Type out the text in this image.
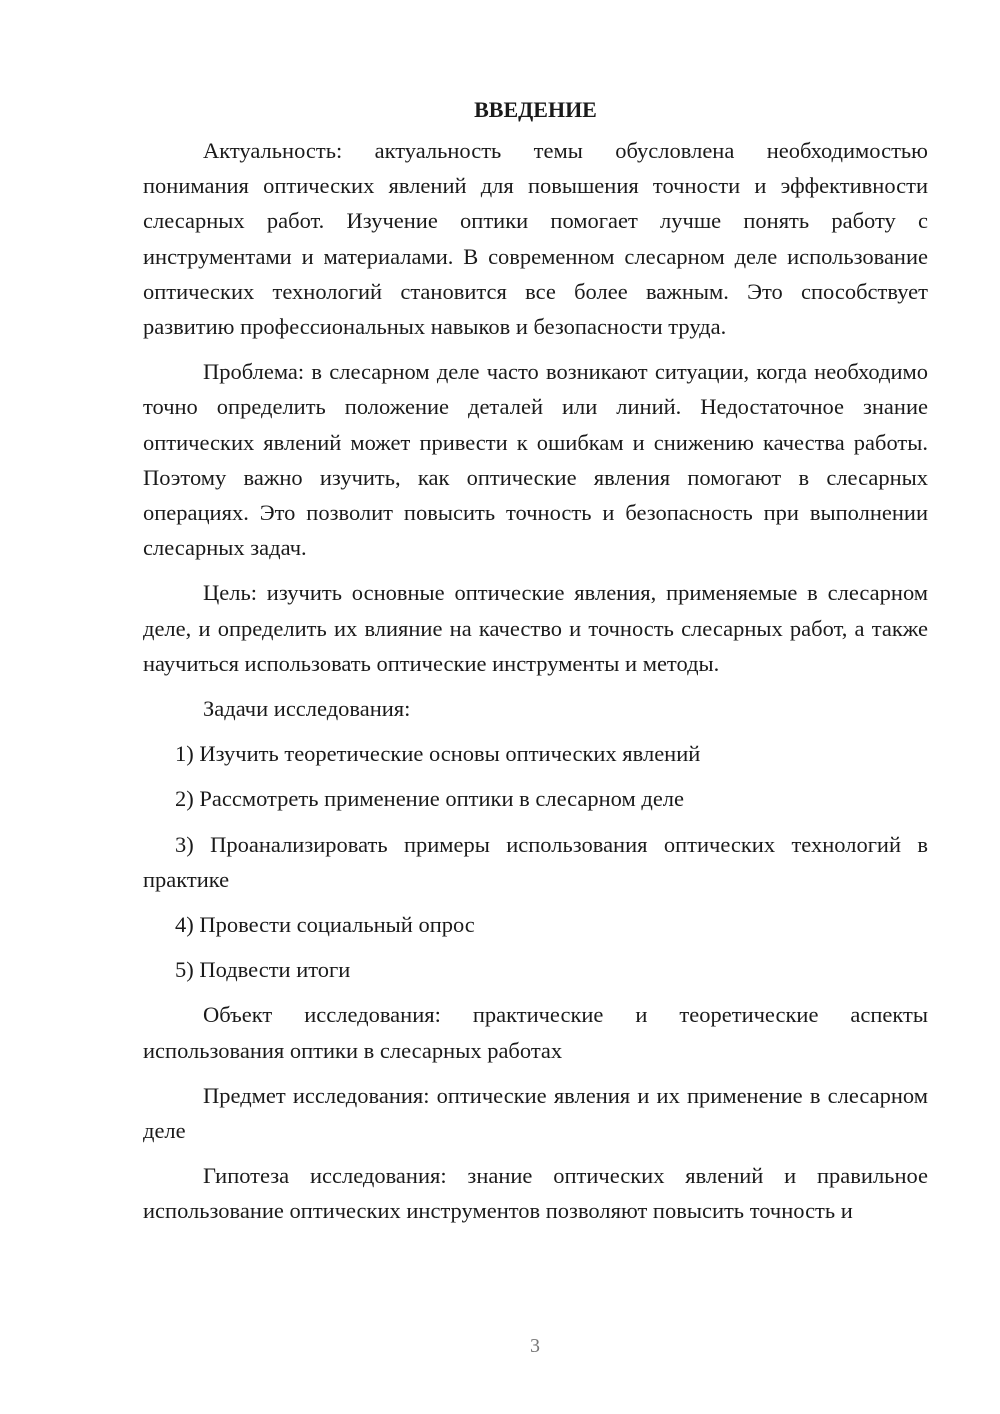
ВВЕДЕНИЕ

Актуальность: актуальность темы обусловлена необходимостью понимания оптических явлений для повышения точности и эффективности слесарных работ. Изучение оптики помогает лучше понять работу с инструментами и материалами. В современном слесарном деле использование оптических технологий становится все более важным. Это способствует развитию профессиональных навыков и безопасности труда.

Проблема: в слесарном деле часто возникают ситуации, когда необходимо точно определить положение деталей или линий. Недостаточное знание оптических явлений может привести к ошибкам и снижению качества работы. Поэтому важно изучить, как оптические явления помогают в слесарных операциях. Это позволит повысить точность и безопасность при выполнении слесарных задач.

Цель: изучить основные оптические явления, применяемые в слесарном деле, и определить их влияние на качество и точность слесарных работ, а также научиться использовать оптические инструменты и методы.

Задачи исследования:

1) Изучить теоретические основы оптических явлений

2) Рассмотреть применение оптики в слесарном деле

3) Проанализировать примеры использования оптических технологий в практике

4) Провести социальный опрос

5) Подвести итоги

Объект исследования: практические и теоретические аспекты использования оптики в слесарных работах

Предмет исследования: оптические явления и их применение в слесарном деле

Гипотеза исследования: знание оптических явлений и правильное использование оптических инструментов позволяют повысить точность и

3
